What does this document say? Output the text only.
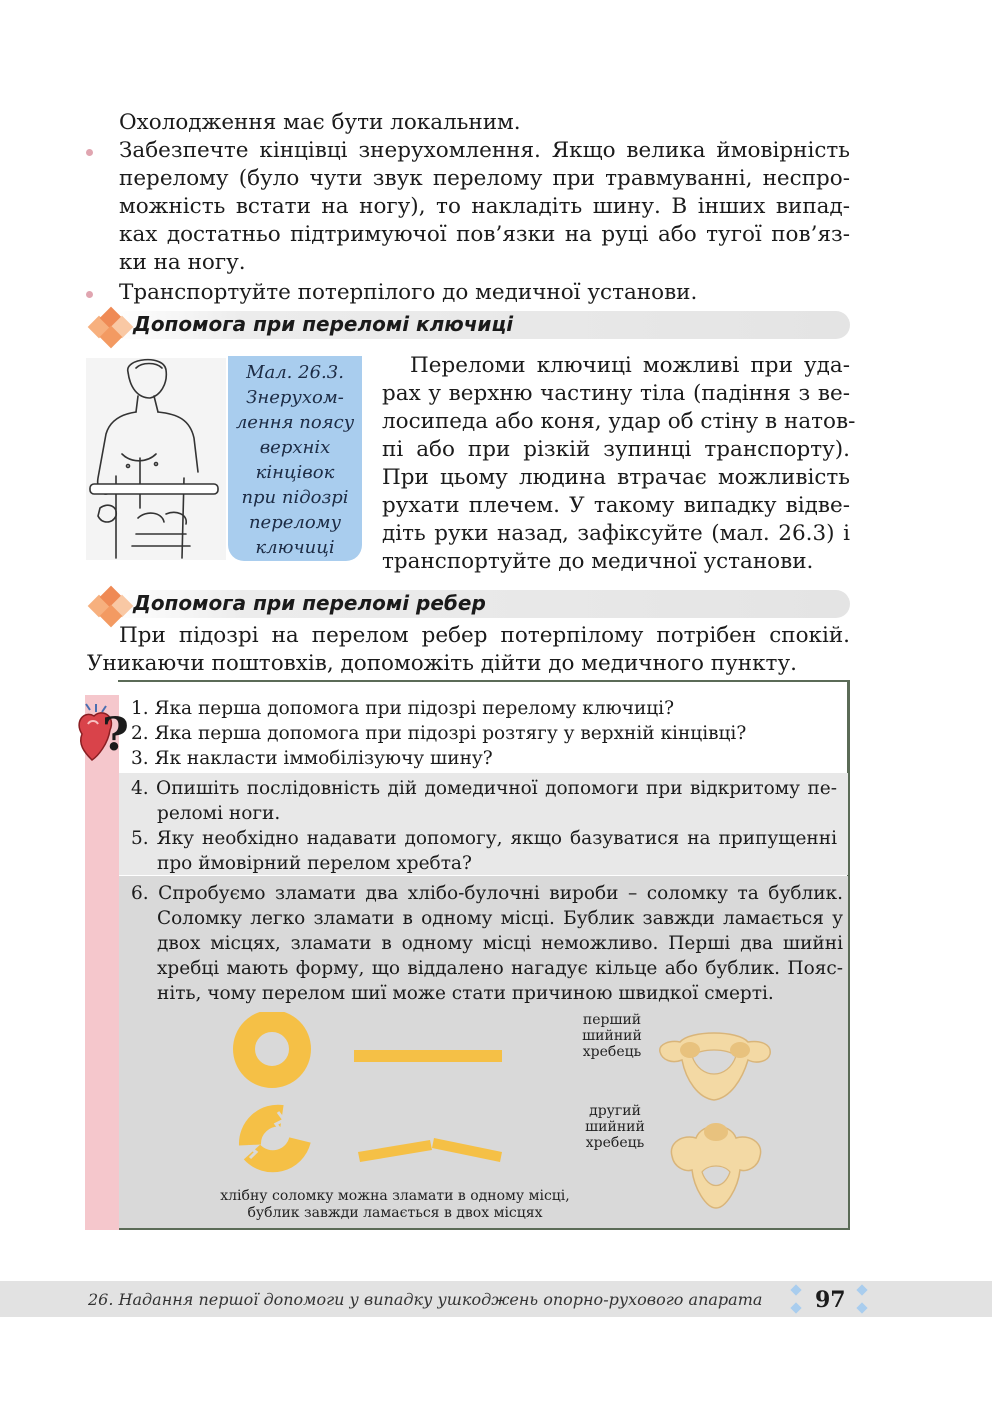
Охолодження має бути локальним.
Забезпечте кінцівці знерухомлення. Якщо велика ймовірність
перелому (було чути звук перелому при травмуванні, неспро-
можність встати на ногу), то накладіть шину. В інших випад-
ках достатньо підтримуючої пов’язки на руці або тугої пов’яз-
ки на ногу.
Транспортуйте потерпілого до медичної установи.
Допомога при переломі ключиці
Мал. 26.3.
Знерухом-
лення поясу
верхніх
кінцівок
при підозрі
перелому
ключиці
Переломи ключиці можливі при уда-
рах у верхню частину тіла (падіння з ве-
лосипеда або коня, удар об стіну в натов-
пі або при різкій зупинці транспорту).
При цьому людина втрачає можливість
рухати плечем. У такому випадку відве-
діть руки назад, зафіксуйте (мал. 26.3) і
транспортуйте до медичної установи.
Допомога при переломі ребер
При підозрі на перелом ребер потерпілому потрібен спокій.
Уникаючи поштовхів, допоможіть дійти до медичного пункту.
? 1. Яка перша допомога при підозрі перелому ключиці?
2. Яка перша допомога при підозрі розтягу у верхній кінцівці?
3. Як накласти іммобілізуючу шину?
4. Опишіть послідовність дій домедичної допомоги при відкритому пе-
реломі ноги.
5. Яку необхідно надавати допомогу, якщо базуватися на припущенні
про ймовірний перелом хребта?
6. Спробуємо зламати два хлібо-булочні вироби – соломку та бублик.
Соломку легко зламати в одному місці. Бублик завжди ламається у
двох місцях, зламати в одному місці неможливо. Перші два шийні
хребці мають форму, що віддалено нагадує кільце або бублик. Пояс-
ніть, чому перелом шиї може стати причиною швидкої смерті.
хлібну соломку можна зламати в одному місці,
бублик завжди ламається в двох місцях
перший
шийний
хребець
другий
шийний
хребець
26. Надання першої допомоги у випадку ушкоджень опорно-рухового апарата 97
